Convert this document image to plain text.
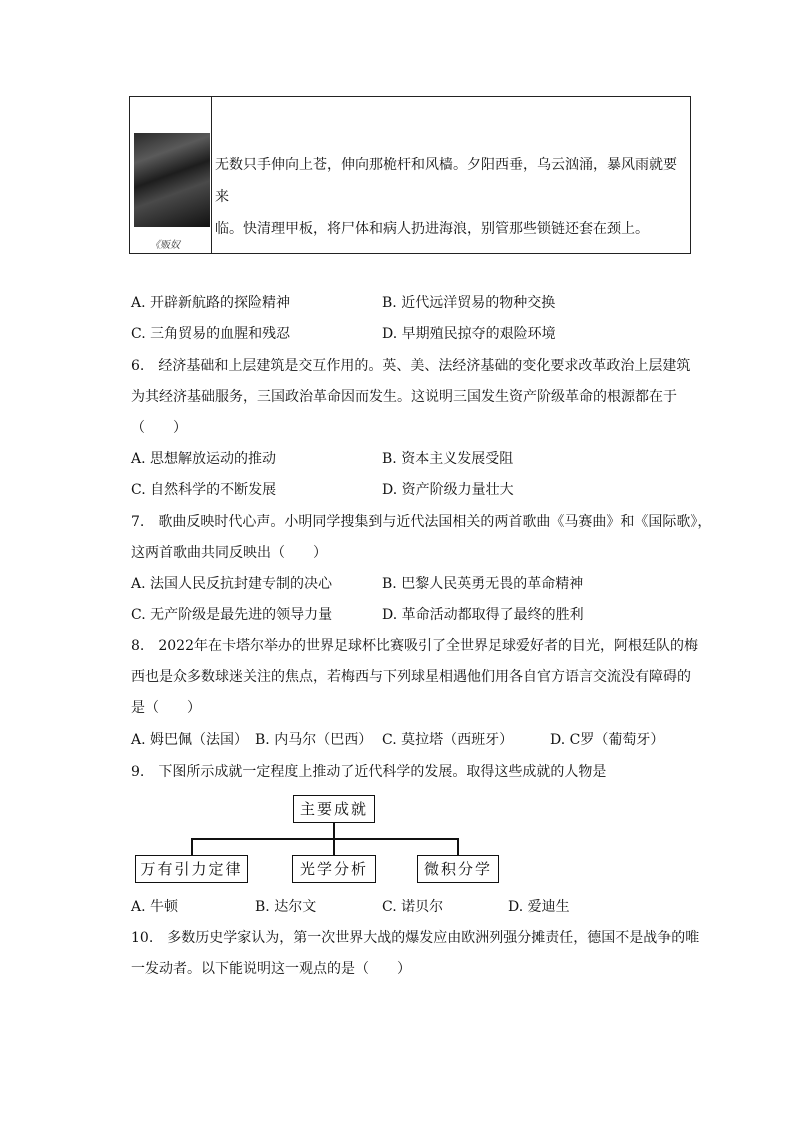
《贩奴
无数只手伸向上苍，伸向那桅杆和风樯。夕阳西垂，乌云汹涌，暴风雨就要来
临。快清理甲板，将尸体和病人扔进海浪，别管那些锁链还套在颈上。
A. 开辟新航路的探险精神	B. 近代远洋贸易的物种交换
C. 三角贸易的血腥和残忍	D. 早期殖民掠夺的艰险环境
6.　经济基础和上层建筑是交互作用的。英、美、法经济基础的变化要求改革政治上层建筑
为其经济基础服务，三国政治革命因而发生。这说明三国发生资产阶级革命的根源都在于
（　　）
A. 思想解放运动的推动	B. 资本主义发展受阻
C. 自然科学的不断发展	D. 资产阶级力量壮大
7.　歌曲反映时代心声。小明同学搜集到与近代法国相关的两首歌曲《马赛曲》和《国际歌》，
这两首歌曲共同反映出（　　）
A. 法国人民反抗封建专制的决心	B. 巴黎人民英勇无畏的革命精神
C. 无产阶级是最先进的领导力量	D. 革命活动都取得了最终的胜利
8.　2022年在卡塔尔举办的世界足球杯比赛吸引了全世界足球爱好者的目光，阿根廷队的梅
西也是众多数球迷关注的焦点，若梅西与下列球星相遇他们用各自官方语言交流没有障碍的
是（　　）
A. 姆巴佩（法国） B. 内马尔（巴西） C. 莫拉塔（西班牙）	D. C罗（葡萄牙）
9.　下图所示成就一定程度上推动了近代科学的发展。取得这些成就的人物是
主要成就
万有引力定律	光学分析	微积分学
A. 牛顿	B. 达尔文	C. 诺贝尔	D. 爱迪生
10.　多数历史学家认为，第一次世界大战的爆发应由欧洲列强分摊责任，德国不是战争的唯
一发动者。以下能说明这一观点的是（　　）
